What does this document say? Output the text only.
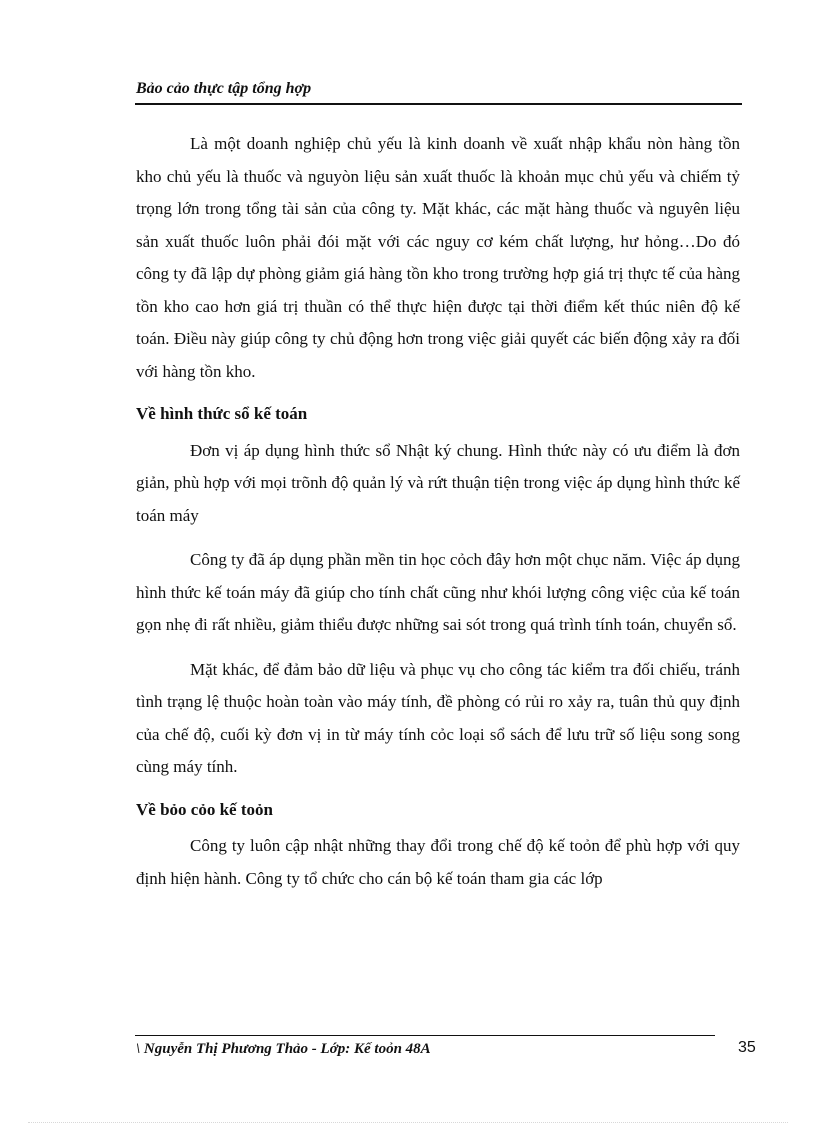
Bảo cảo thực tập tổng hợp

Là một doanh nghiệp chủ yếu là kinh doanh về xuất nhập khẩu nòn hàng tồn kho chủ yếu là thuốc và nguyòn liệu sản xuất thuốc là khoản mục chủ yếu và chiếm tỷ trọng lớn trong tổng tài sản của công ty. Mặt khác, các mặt hàng thuốc và nguyên liệu sản xuất thuốc luôn phải đói mặt với các nguy cơ kém chất lượng, hư hỏng…Do đó công ty đã lập dự phòng giảm giá hàng tồn kho trong trường hợp giá trị thực tế của hàng tồn kho cao hơn giá trị thuần có thể thực hiện được tại thời điểm kết thúc niên độ kế toán. Điều này giúp công ty chủ động hơn trong việc giải quyết các biến động xảy ra đối với hàng tồn kho.

Về hình thức sổ kế toán

Đơn vị áp dụng hình thức sổ Nhật ký chung. Hình thức này có ưu điểm là đơn giản, phù hợp với mọi trõnh độ quản lý và rứt thuận tiện trong việc áp dụng hình thức kế toán máy

Công ty đã áp dụng phần mền tin học cỏch đây hơn một chục năm. Việc áp dụng hình thức kế toán máy đã giúp cho tính chất cũng như khói lượng công việc của kế toán gọn nhẹ đi rất nhiều, giảm thiểu được những sai sót trong quá trình tính toán, chuyển sổ.

Mặt khác, để đảm bảo dữ liệu và phục vụ cho công tác kiểm tra đối chiếu, tránh tình trạng lệ thuộc hoàn toàn vào máy tính, đề phòng có rủi ro xảy ra, tuân thủ quy định của chế độ, cuối kỳ đơn vị in từ máy tính cỏc loại sổ sách để lưu trữ số liệu song song cùng máy tính.

Về bỏo cỏo kế toỏn

Công ty luôn cập nhật những thay đổi trong chế độ kế toỏn để phù hợp với quy định hiện hành. Công ty tổ chức cho cán bộ kế toán tham gia các lớp

\ Nguyễn Thị Phương Thảo - Lớp: Kế toỏn 48A	35
